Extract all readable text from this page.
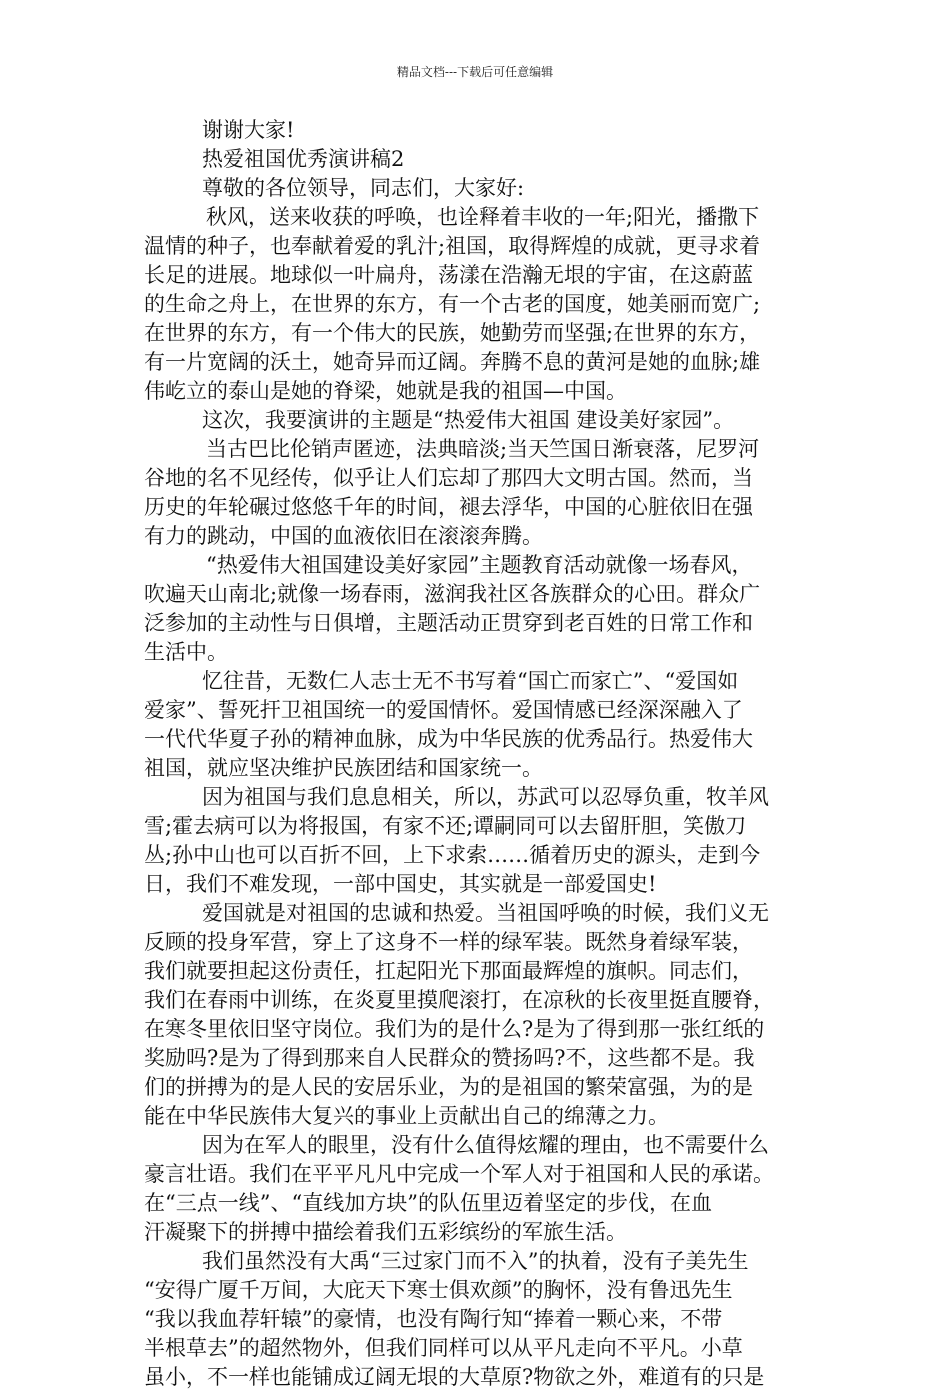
精品文档---下载后可任意编辑
谢谢大家!
热爱祖国优秀演讲稿2
尊敬的各位领导，同志们，大家好:
秋风，送来收获的呼唤，也诠释着丰收的一年;阳光，播撒下
温情的种子，也奉献着爱的乳汁;祖国，取得辉煌的成就，更寻求着
长足的进展。地球似一叶扁舟，荡漾在浩瀚无垠的宇宙，在这蔚蓝
的生命之舟上，在世界的东方，有一个古老的国度，她美丽而宽广;
在世界的东方，有一个伟大的民族，她勤劳而坚强;在世界的东方，
有一片宽阔的沃土，她奇异而辽阔。奔腾不息的黄河是她的血脉;雄
伟屹立的泰山是她的脊梁，她就是我的祖国—中国。
这次，我要演讲的主题是“热爱伟大祖国 建设美好家园”。
当古巴比伦销声匿迹，法典暗淡;当天竺国日渐衰落，尼罗河
谷地的名不见经传，似乎让人们忘却了那四大文明古国。然而，当
历史的年轮碾过悠悠千年的时间，褪去浮华，中国的心脏依旧在强
有力的跳动，中国的血液依旧在滚滚奔腾。
“热爱伟大祖国建设美好家园”主题教育活动就像一场春风，
吹遍天山南北;就像一场春雨，滋润我社区各族群众的心田。群众广
泛参加的主动性与日俱增，主题活动正贯穿到老百姓的日常工作和
生活中。
忆往昔，无数仁人志士无不书写着“国亡而家亡”、“爱国如
爱家”、誓死扞卫祖国统一的爱国情怀。爱国情感已经深深融入了
一代代华夏子孙的精神血脉，成为中华民族的优秀品行。热爱伟大
祖国，就应坚决维护民族团结和国家统一。
因为祖国与我们息息相关，所以，苏武可以忍辱负重，牧羊风
雪;霍去病可以为将报国，有家不还;谭嗣同可以去留肝胆，笑傲刀
丛;孙中山也可以百折不回，上下求索……循着历史的源头，走到今
日，我们不难发现，一部中国史，其实就是一部爱国史!
爱国就是对祖国的忠诚和热爱。当祖国呼唤的时候，我们义无
反顾的投身军营，穿上了这身不一样的绿军装。既然身着绿军装，
我们就要担起这份责任，扛起阳光下那面最辉煌的旗帜。同志们，
我们在春雨中训练，在炎夏里摸爬滚打，在凉秋的长夜里挺直腰脊，
在寒冬里依旧坚守岗位。我们为的是什么?是为了得到那一张红纸的
奖励吗?是为了得到那来自人民群众的赞扬吗?不，这些都不是。我
们的拼搏为的是人民的安居乐业，为的是祖国的繁荣富强，为的是
能在中华民族伟大复兴的事业上贡献出自己的绵薄之力。
因为在军人的眼里，没有什么值得炫耀的理由，也不需要什么
豪言壮语。我们在平平凡凡中完成一个军人对于祖国和人民的承诺。
在“三点一线”、“直线加方块”的队伍里迈着坚定的步伐，在血
汗凝聚下的拼搏中描绘着我们五彩缤纷的军旅生活。
我们虽然没有大禹“三过家门而不入”的执着，没有子美先生
“安得广厦千万间，大庇天下寒士俱欢颜”的胸怀，没有鲁迅先生
“我以我血荐轩辕”的豪情，也没有陶行知“捧着一颗心来，不带
半根草去”的超然物外，但我们同样可以从平凡走向不平凡。小草
虽小，不一样也能铺成辽阔无垠的大草原?物欲之外，难道有的只是
